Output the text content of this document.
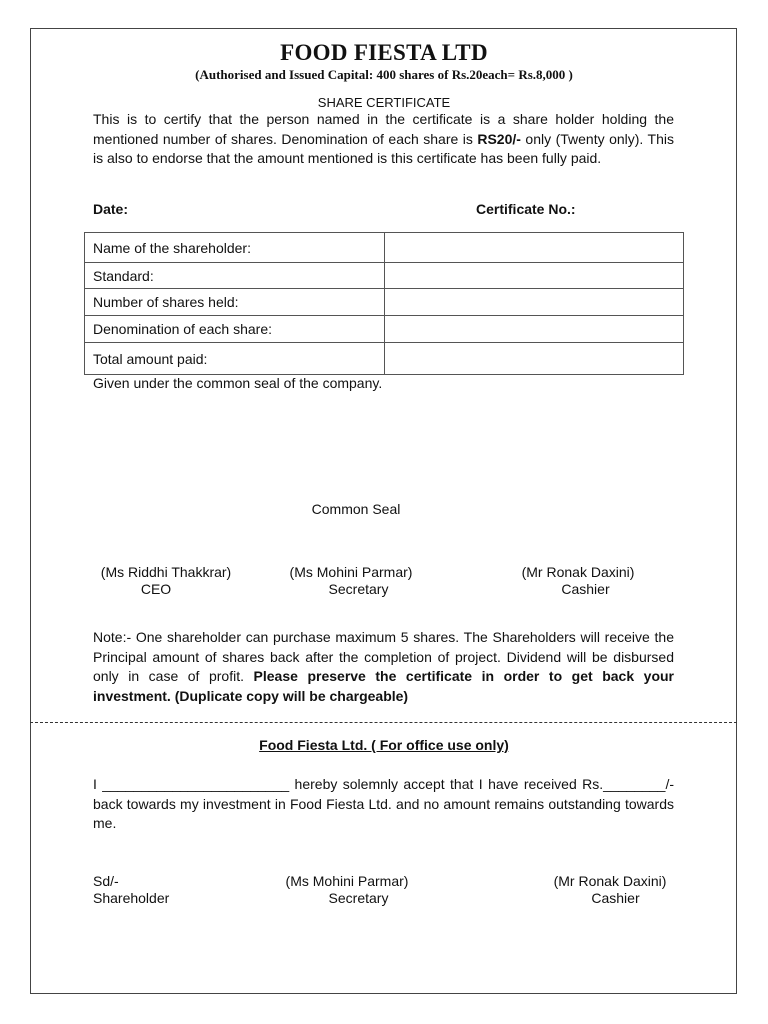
FOOD FIESTA LTD
(Authorised and Issued Capital: 400 shares of Rs.20each= Rs.8,000 )
SHARE CERTIFICATE
This is to certify that the person named in the certificate is a share holder holding the mentioned number of shares. Denomination of each share is RS20/- only (Twenty only). This is also to endorse that the amount mentioned is this certificate has been fully paid.
Date:	Certificate No.:
Name of the shareholder:	
Standard:	
Number of shares held:	
Denomination of each share:	
Total amount paid:	
Given under the common seal of the company.
Common Seal
(Ms Riddhi Thakkrar)
CEO
(Ms Mohini Parmar)
Secretary
(Mr Ronak Daxini)
Cashier
Note:- One shareholder can purchase maximum 5 shares. The Shareholders will receive the Principal amount of shares back after the completion of project. Dividend will be disbursed only in case of profit. Please preserve the certificate in order to get back your investment. (Duplicate copy will be chargeable)
Food Fiesta Ltd. ( For office use only)
I ________________________ hereby solemnly accept that I have received Rs.________/- back towards my investment in Food Fiesta Ltd. and no amount remains outstanding towards me.
Sd/-
Shareholder
(Ms Mohini Parmar)
Secretary
(Mr Ronak Daxini)
Cashier
